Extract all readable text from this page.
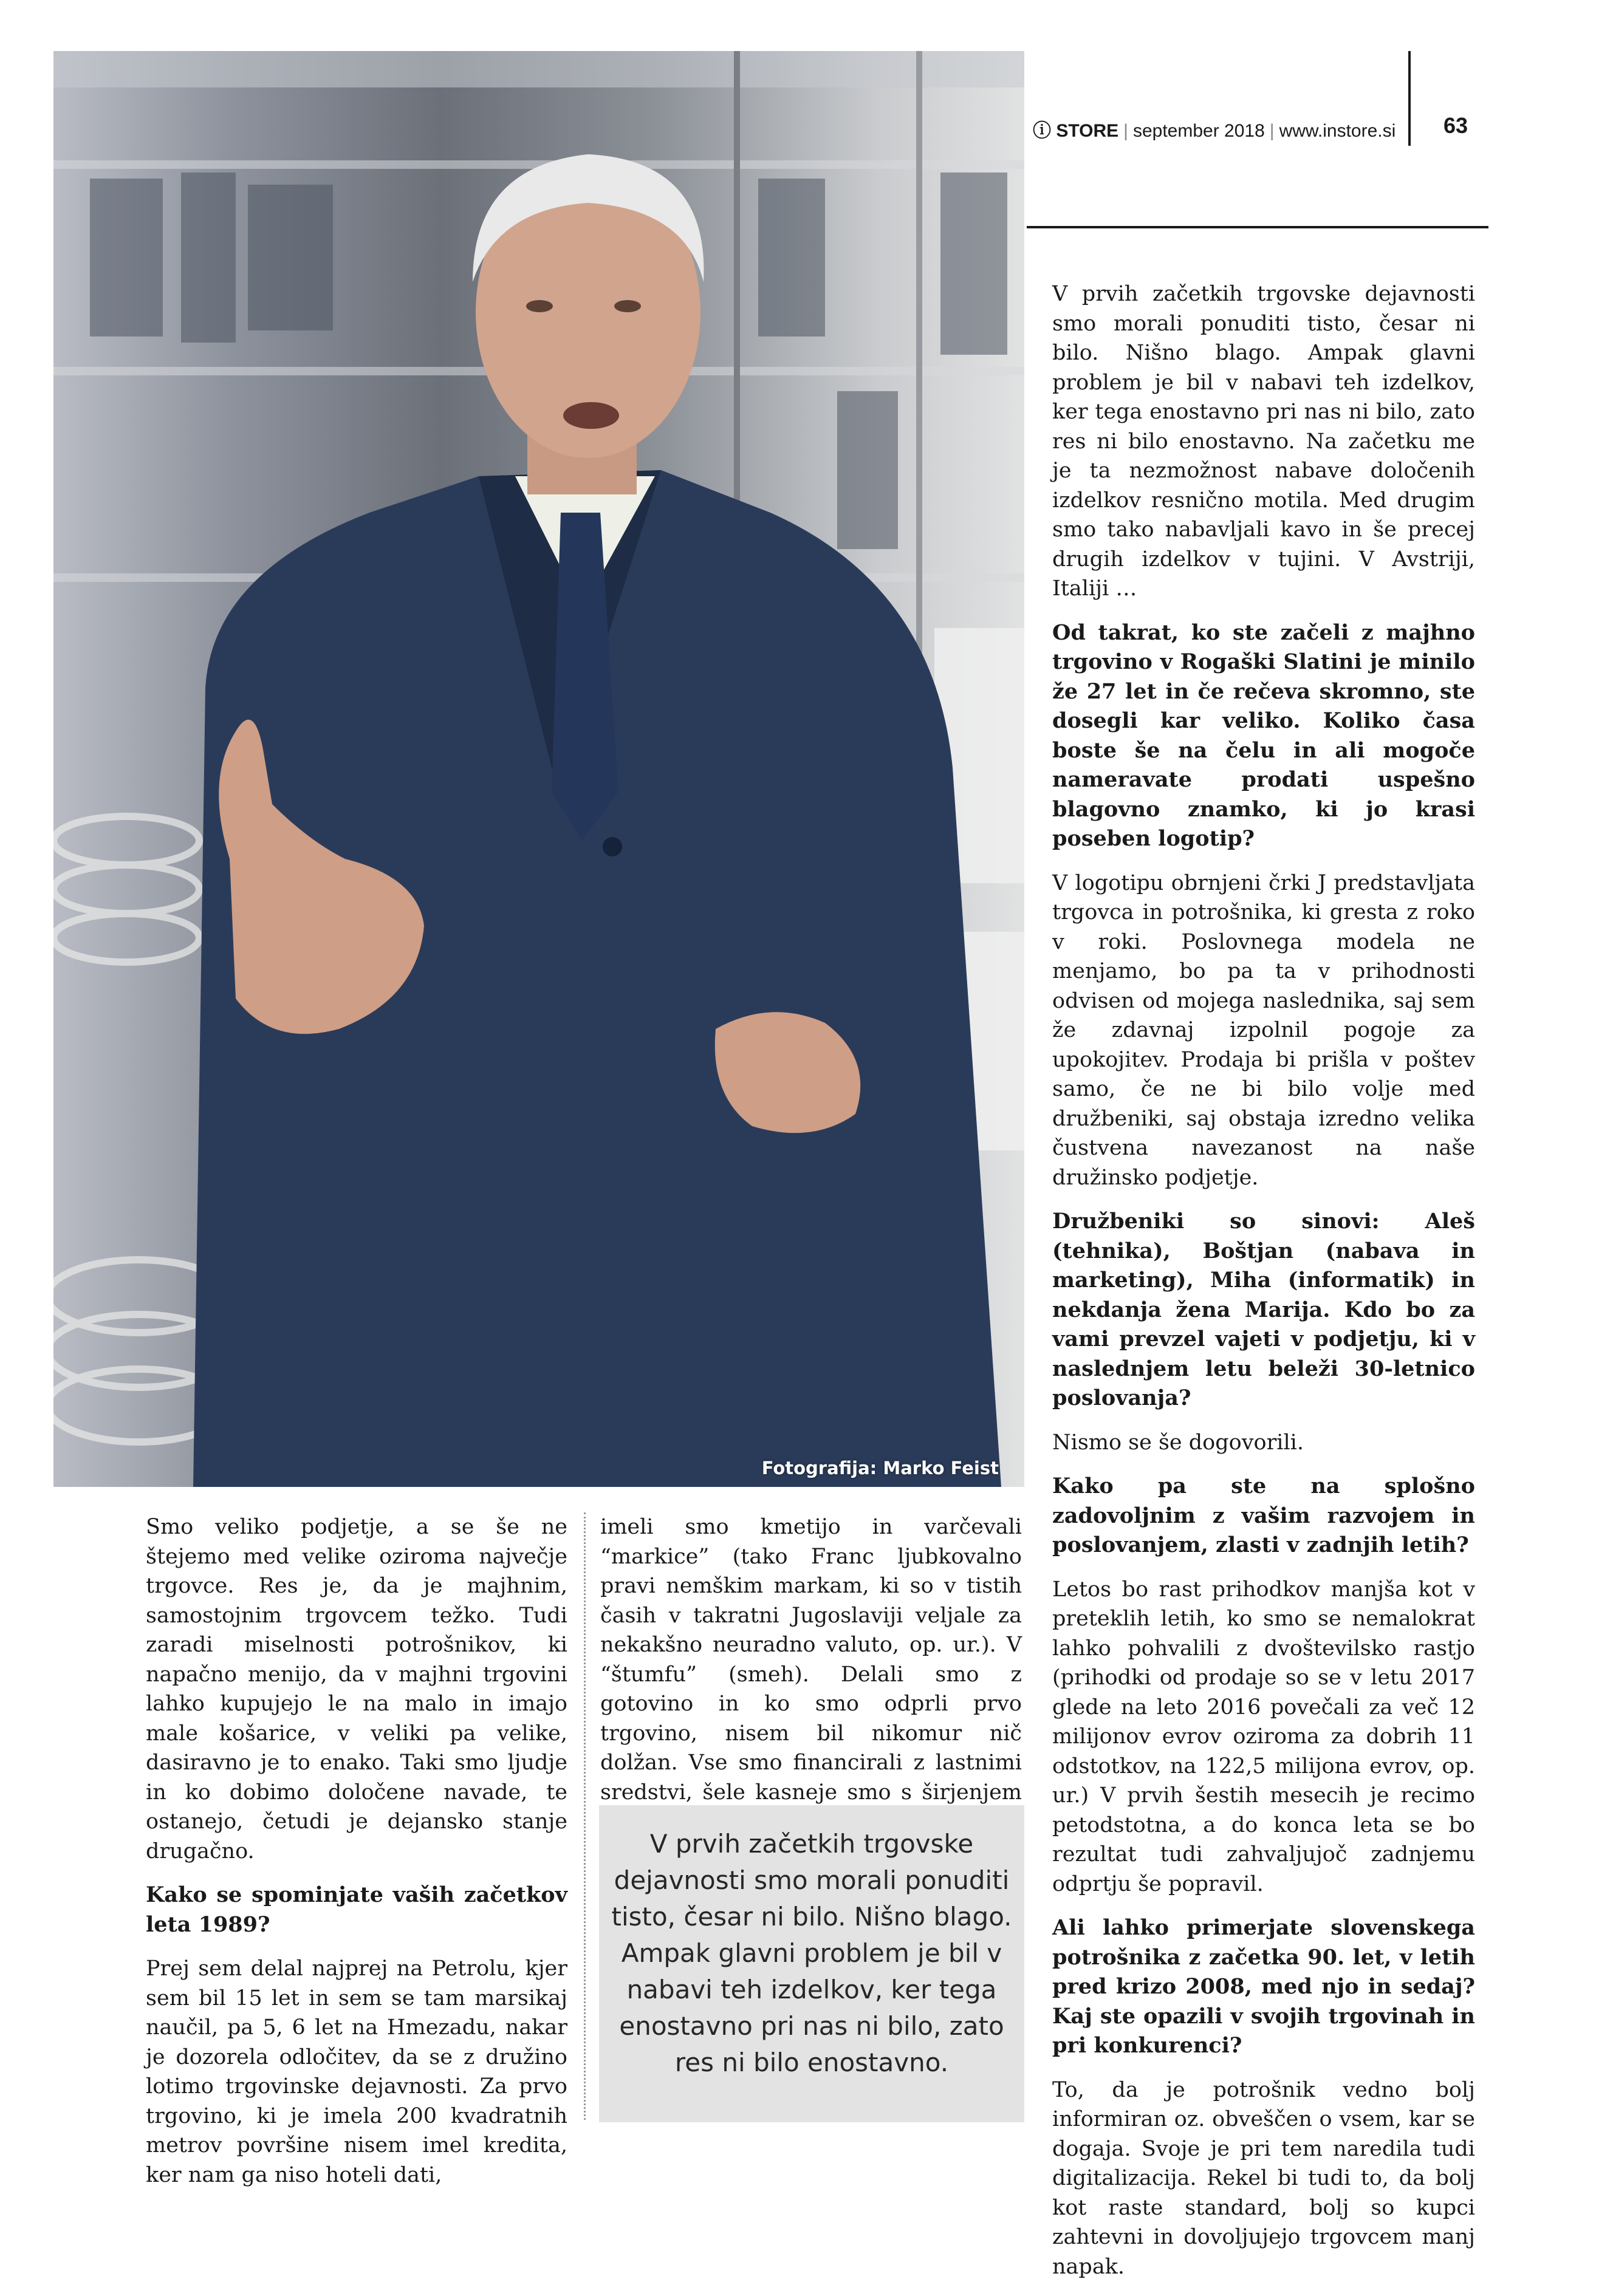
ⓘ STORE | september 2018 | www.instore.si 63
Fotografija: Marko Feist

V prvih začetkih trgovske dejavnosti smo morali ponuditi tisto, česar ni bilo. Nišno blago. Ampak glavni problem je bil v nabavi teh izdelkov, ker tega enostavno pri nas ni bilo, zato res ni bilo enostavno. Na začetku me je ta nezmožnost nabave določenih izdelkov resnično motila. Med drugim smo tako nabavljali kavo in še precej drugih izdelkov v tujini. V Avstriji, Italiji …

Od takrat, ko ste začeli z majhno trgovino v Rogaški Slatini je minilo že 27 let in če rečeva skromno, ste dosegli kar veliko. Koliko časa boste še na čelu in ali mogoče nameravate prodati uspešno blagovno znamko, ki jo krasi poseben logotip?

V logotipu obrnjeni črki J predstavljata trgovca in potrošnika, ki gresta z roko v roki. Poslovnega modela ne menjamo, bo pa ta v prihodnosti odvisen od mojega naslednika, saj sem že zdavnaj izpolnil pogoje za upokojitev. Prodaja bi prišla v poštev samo, če ne bi bilo volje med družbeniki, saj obstaja izredno velika čustvena navezanost na naše družinsko podjetje.

Družbeniki so sinovi: Aleš (tehnika), Boštjan (nabava in marketing), Miha (informatik) in nekdanja žena Marija. Kdo bo za vami prevzel vajeti v podjetju, ki v naslednjem letu beleži 30-letnico poslovanja?

Nismo se še dogovorili.

Kako pa ste na splošno zadovoljnim z vašim razvojem in poslovanjem, zlasti v zadnjih letih?

Letos bo rast prihodkov manjša kot v preteklih letih, ko smo se nemalokrat lahko pohvalili z dvoštevilsko rastjo (prihodki od prodaje so se v letu 2017 glede na leto 2016 povečali za več 12 milijonov evrov oziroma za dobrih 11 odstotkov, na 122,5 milijona evrov, op. ur.) V prvih šestih mesecih je recimo petodstotna, a do konca leta se bo rezultat tudi zahvaljujoč zadnjemu odprtju še popravil.

Ali lahko primerjate slovenskega potrošnika z začetka 90. let, v letih pred krizo 2008, med njo in sedaj? Kaj ste opazili v svojih trgovinah in pri konkurenci?

To, da je potrošnik vedno bolj informiran oz. obveščen o vsem, kar se dogaja. Svoje je pri tem naredila tudi digitalizacija. Rekel bi tudi to, da bolj kot raste standard, bolj so kupci zahtevni in dovoljujejo trgovcem manj napak.

Smo veliko podjetje, a se še ne štejemo med velike oziroma največje trgovce. Res je, da je majhnim, samostojnim trgovcem težko. Tudi zaradi miselnosti potrošnikov, ki napačno menijo, da v majhni trgovini lahko kupujejo le na malo in imajo male košarice, v veliki pa velike, dasiravno je to enako. Taki smo ljudje in ko dobimo določene navade, te ostanejo, četudi je dejansko stanje drugačno.

Kako se spominjate vaših začetkov leta 1989?

Prej sem delal najprej na Petrolu, kjer sem bil 15 let in sem se tam marsikaj naučil, pa 5, 6 let na Hmezadu, nakar je dozorela odločitev, da se z družino lotimo trgovinske dejavnosti. Za prvo trgovino, ki je imela 200 kvadratnih metrov površine nisem imel kredita, ker nam ga niso hoteli dati,

imeli smo kmetijo in varčevali “markice” (tako Franc ljubkovalno pravi nemškim markam, ki so v tistih časih v takratni Jugoslaviji veljale za nekakšno neuradno valuto, op. ur.). V “štumfu” (smeh). Delali smo z gotovino in ko smo odprli prvo trgovino, nisem bil nikomur nič dolžan. Vse smo financirali z lastnimi sredstvi, šele kasneje smo s širjenjem

V prvih začetkih trgovske dejavnosti smo morali ponuditi tisto, česar ni bilo. Nišno blago. Ampak glavni problem je bil v nabavi teh izdelkov, ker tega enostavno pri nas ni bilo, zato res ni bilo enostavno.
